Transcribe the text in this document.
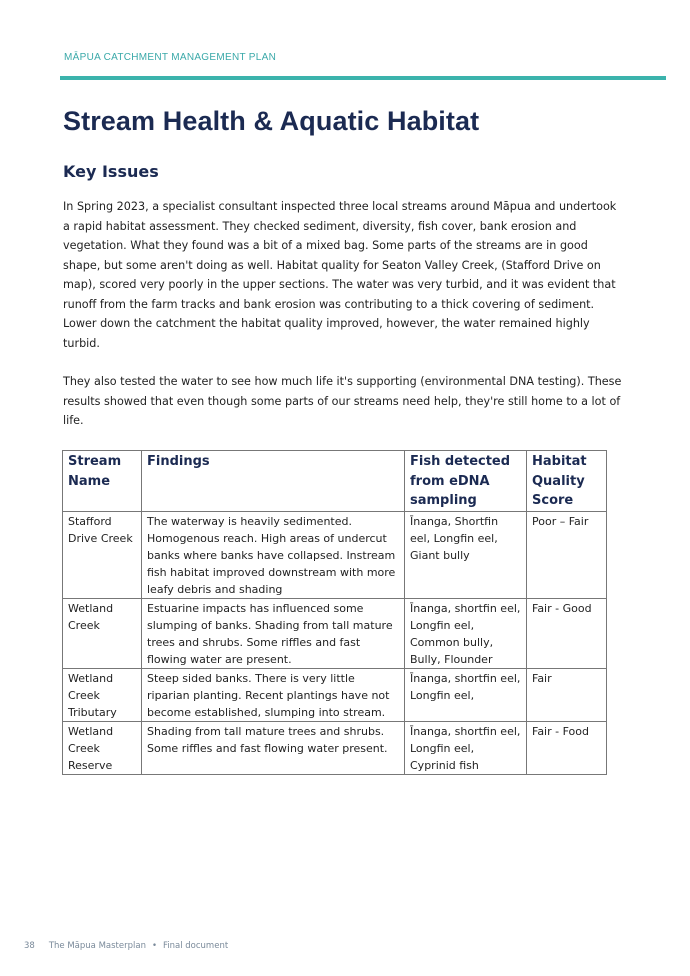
MĀPUA CATCHMENT MANAGEMENT PLAN
Stream Health & Aquatic Habitat
Key Issues

In Spring 2023, a specialist consultant inspected three local streams around Māpua and undertook a rapid habitat assessment. They checked sediment, diversity, fish cover, bank erosion and vegetation. What they found was a bit of a mixed bag. Some parts of the streams are in good shape, but some aren't doing as well. Habitat quality for Seaton Valley Creek, (Stafford Drive on map), scored very poorly in the upper sections. The water was very turbid, and it was evident that runoff from the farm tracks and bank erosion was contributing to a thick covering of sediment. Lower down the catchment the habitat quality improved, however, the water remained highly turbid.

They also tested the water to see how much life it's supporting (environmental DNA testing). These results showed that even though some parts of our streams need help, they're still home to a lot of life.

Stream Name	Findings	Fish detected from eDNA sampling	Habitat Quality Score
Stafford Drive Creek	The waterway is heavily sedimented. Homogenous reach. High areas of undercut banks where banks have collapsed. Instream fish habitat improved downstream with more leafy debris and shading	Īnanga, Shortfin eel, Longfin eel, Giant bully	Poor – Fair
Wetland Creek	Estuarine impacts has influenced some slumping of banks. Shading from tall mature trees and shrubs. Some riffles and fast flowing water are present.	Īnanga, shortfin eel, Longfin eel, Common bully, Bully, Flounder	Fair - Good
Wetland Creek Tributary	Steep sided banks. There is very little riparian planting. Recent plantings have not become established, slumping into stream.	Īnanga, shortfin eel, Longfin eel,	Fair
Wetland Creek Reserve	Shading from tall mature trees and shrubs. Some riffles and fast flowing water present.	Īnanga, shortfin eel, Longfin eel, Cyprinid fish	Fair - Food
38 The Māpua Masterplan • Final document
